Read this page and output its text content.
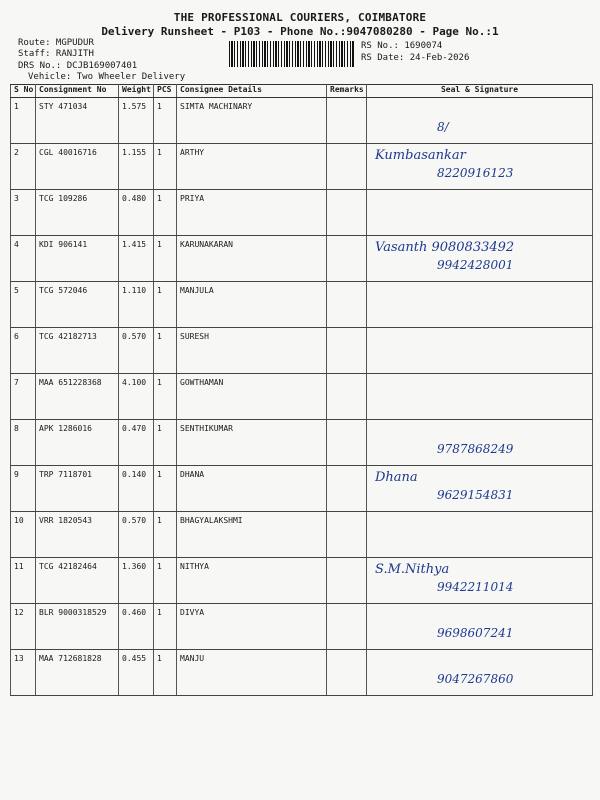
THE PROFESSIONAL COURIERS, COIMBATORE
Delivery Runsheet - P103 - Phone No.:9047080280 - Page No.:1
Route: MGPUDUR
Staff: RANJITH
DRS No.: DCJB169007401
Vehicle: Two Wheeler Delivery
RS No.: 1690074
RS Date: 24-Feb-2026
S No	Consignment No	Weight	PCS	Consignee Details	Remarks	Seal & Signature
1	STY 471034	1.575	1	SIMTA MACHINARY		8/

2	CGL 40016716	1.155	1	ARTHY		Kumbasankar
8220916123

3	TCG 109286	0.480	1	PRIYA		

4	KDI 906141	1.415	1	KARUNAKARAN		Vasanth 9080833492
9942428001

5	TCG 572046	1.110	1	MANJULA		

6	TCG 42182713	0.570	1	SURESH		

7	MAA 651228368	4.100	1	GOWTHAMAN		

8	APK 1286016	0.470	1	SENTHIKUMAR		9787868249

9	TRP 7118701	0.140	1	DHANA		Dhana
9629154831

10	VRR 1820543	0.570	1	BHAGYALAKSHMI		

11	TCG 42182464	1.360	1	NITHYA		S.M.Nithya
9942211014

12	BLR 9000318529	0.460	1	DIVYA		9698607241

13	MAA 712681828	0.455	1	MANJU		9047267860
